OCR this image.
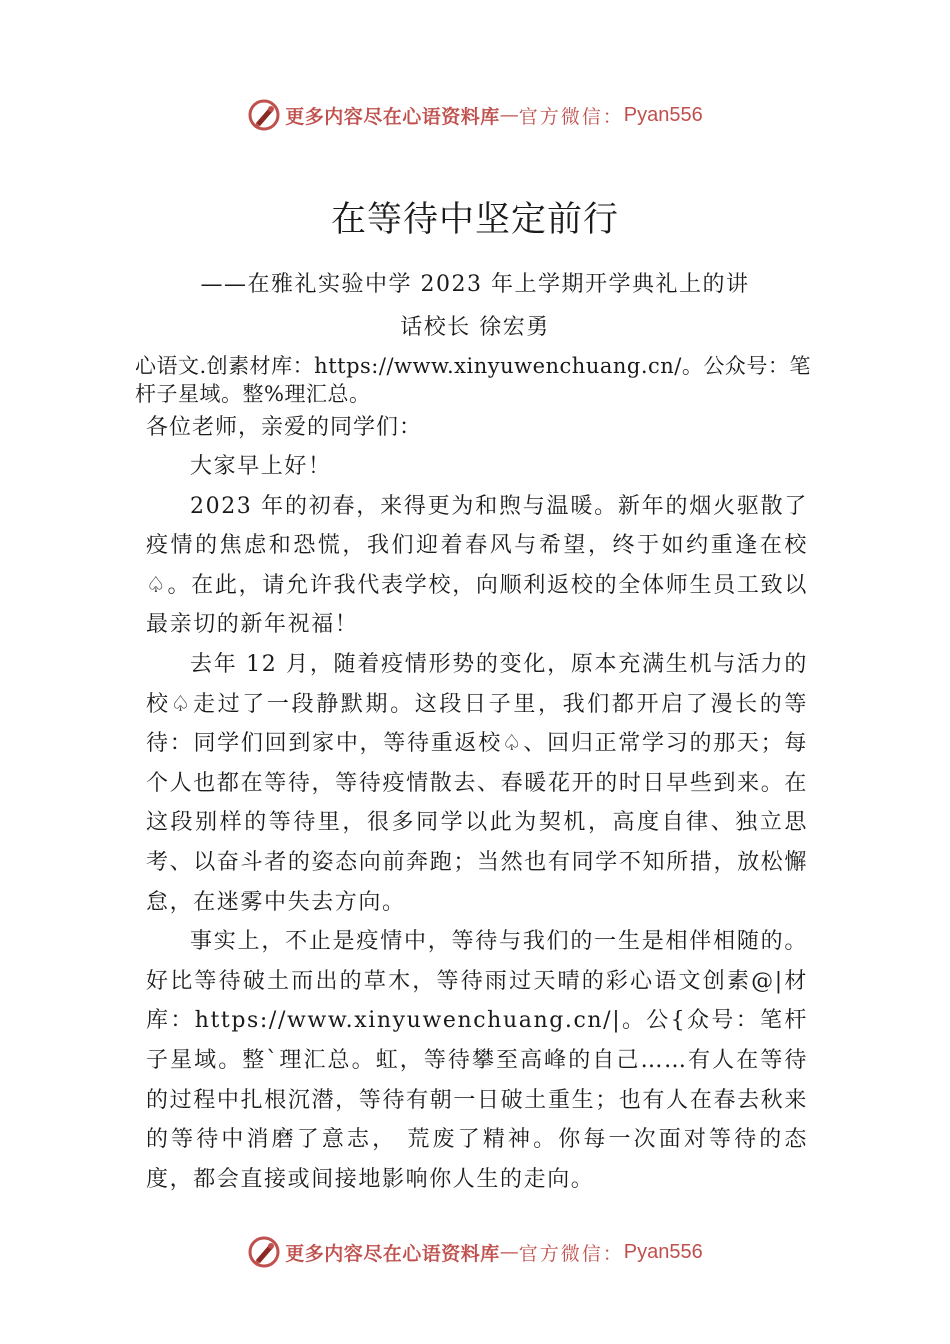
更多内容尽在心语资料库 — 官方微信： Pyan556
在等待中坚定前行

——在雅礼实验中学 2023 年上学期开学典礼上的讲

话校长 徐宏勇

心语文.创素材库：https://www.xinyuwenchuang.cn/。公众号：笔杆子星域。整%理汇总。

各位老师，亲爱的同学们：

大家早上好！

2023 年的初春，来得更为和煦与温暖。新年的烟火驱散了疫情的焦虑和恐慌，我们迎着春风与希望，终于如约重逢在校♤。在此，请允许我代表学校，向顺利返校的全体师生员工致以最亲切的新年祝福！

去年 12 月，随着疫情形势的变化，原本充满生机与活力的校♤走过了一段静默期。这段日子里，我们都开启了漫长的等待：同学们回到家中，等待重返校♤、回归正常学习的那天；每个人也都在等待，等待疫情散去、春暖花开的时日早些到来。在这段别样的等待里，很多同学以此为契机，高度自律、独立思考、以奋斗者的姿态向前奔跑；当然也有同学不知所措，放松懈怠，在迷雾中失去方向。

事实上，不止是疫情中，等待与我们的一生是相伴相随的。好比等待破土而出的草木，等待雨过天晴的彩心语文创素@|材库：https://www.xinyuwenchuang.cn/|。公{众号：笔杆子星域。整`理汇总。虹，等待攀至高峰的自己……有人在等待的过程中扎根沉潜，等待有朝一日破土重生；也有人在春去秋来的等待中消磨了意志， 荒废了精神。你每一次面对等待的态度，都会直接或间接地影响你人生的走向。

更多内容尽在心语资料库 — 官方微信： Pyan556
